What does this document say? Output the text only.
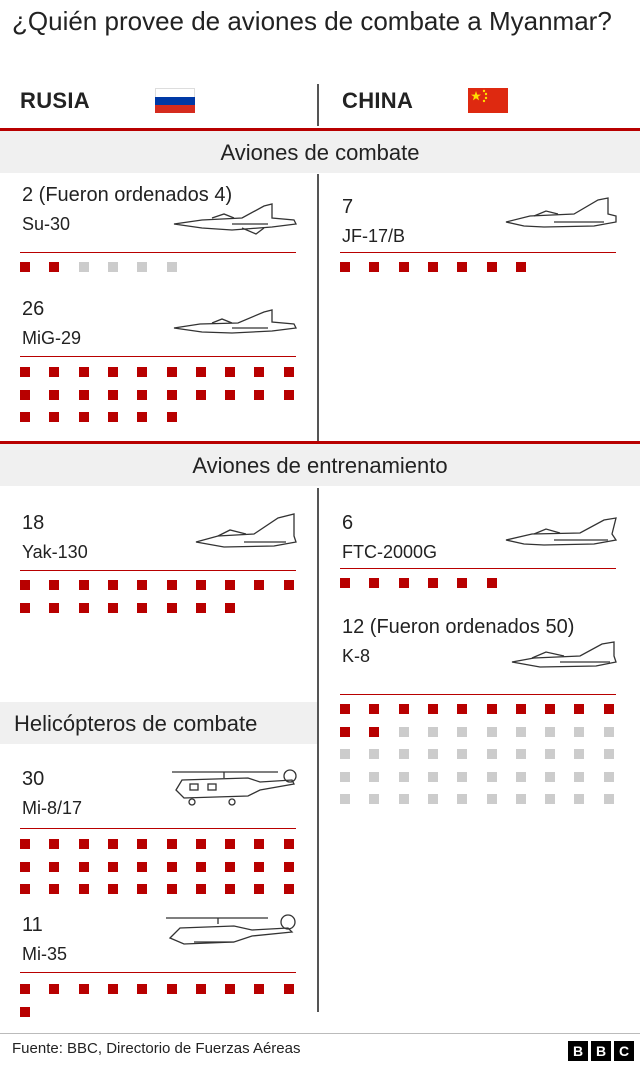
¿Quién provee de aviones de combate a Myanmar?
RUSIA	CHINA
Aviones de combate
Aviones de entrenamiento
Helicópteros de combate
2 (Fueron ordenados 4)
Su-30
26
MiG-29
7
JF-17/B
18
Yak-130
6
FTC-2000G
12 (Fueron ordenados 50)
K-8
30
Mi-8/17
11
Mi-35
Fuente: BBC, Directorio de Fuerzas Aéreas	B B C
